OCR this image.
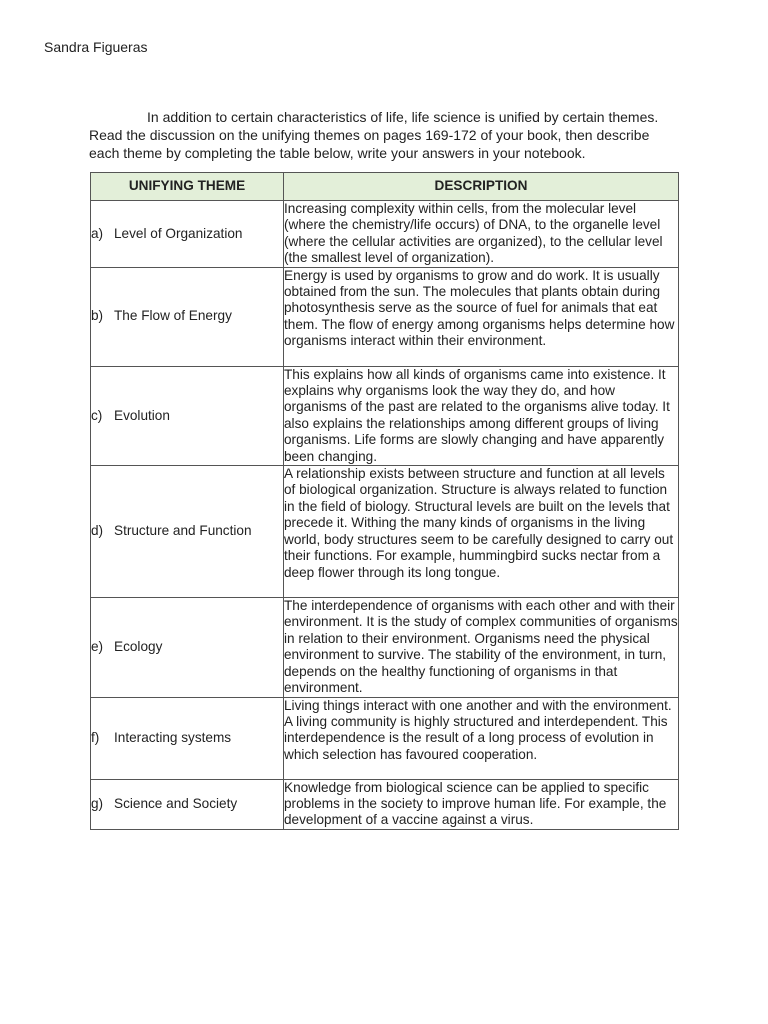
Sandra Figueras

In addition to certain characteristics of life, life science is unified by certain themes. Read the discussion on the unifying themes on pages 169-172 of your book, then describe each theme by completing the table below, write your answers in your notebook.

UNIFYING THEME	DESCRIPTION
a) Level of Organization	Increasing complexity within cells, from the molecular level (where the chemistry/life occurs) of DNA, to the organelle level (where the cellular activities are organized), to the cellular level (the smallest level of organization).
b) The Flow of Energy	Energy is used by organisms to grow and do work. It is usually obtained from the sun. The molecules that plants obtain during photosynthesis serve as the source of fuel for animals that eat them. The flow of energy among organisms helps determine how organisms interact within their environment.
c) Evolution	This explains how all kinds of organisms came into existence. It explains why organisms look the way they do, and how organisms of the past are related to the organisms alive today. It also explains the relationships among different groups of living organisms. Life forms are slowly changing and have apparently been changing.
d) Structure and Function	A relationship exists between structure and function at all levels of biological organization. Structure is always related to function in the field of biology. Structural levels are built on the levels that precede it. Withing the many kinds of organisms in the living world, body structures seem to be carefully designed to carry out their functions. For example, hummingbird sucks nectar from a deep flower through its long tongue.
e) Ecology	The interdependence of organisms with each other and with their environment. It is the study of complex communities of organisms in relation to their environment. Organisms need the physical environment to survive. The stability of the environment, in turn, depends on the healthy functioning of organisms in that environment.
f) Interacting systems	Living things interact with one another and with the environment. A living community is highly structured and interdependent. This interdependence is the result of a long process of evolution in which selection has favoured cooperation.
g) Science and Society	Knowledge from biological science can be applied to specific problems in the society to improve human life. For example, the development of a vaccine against a virus.
